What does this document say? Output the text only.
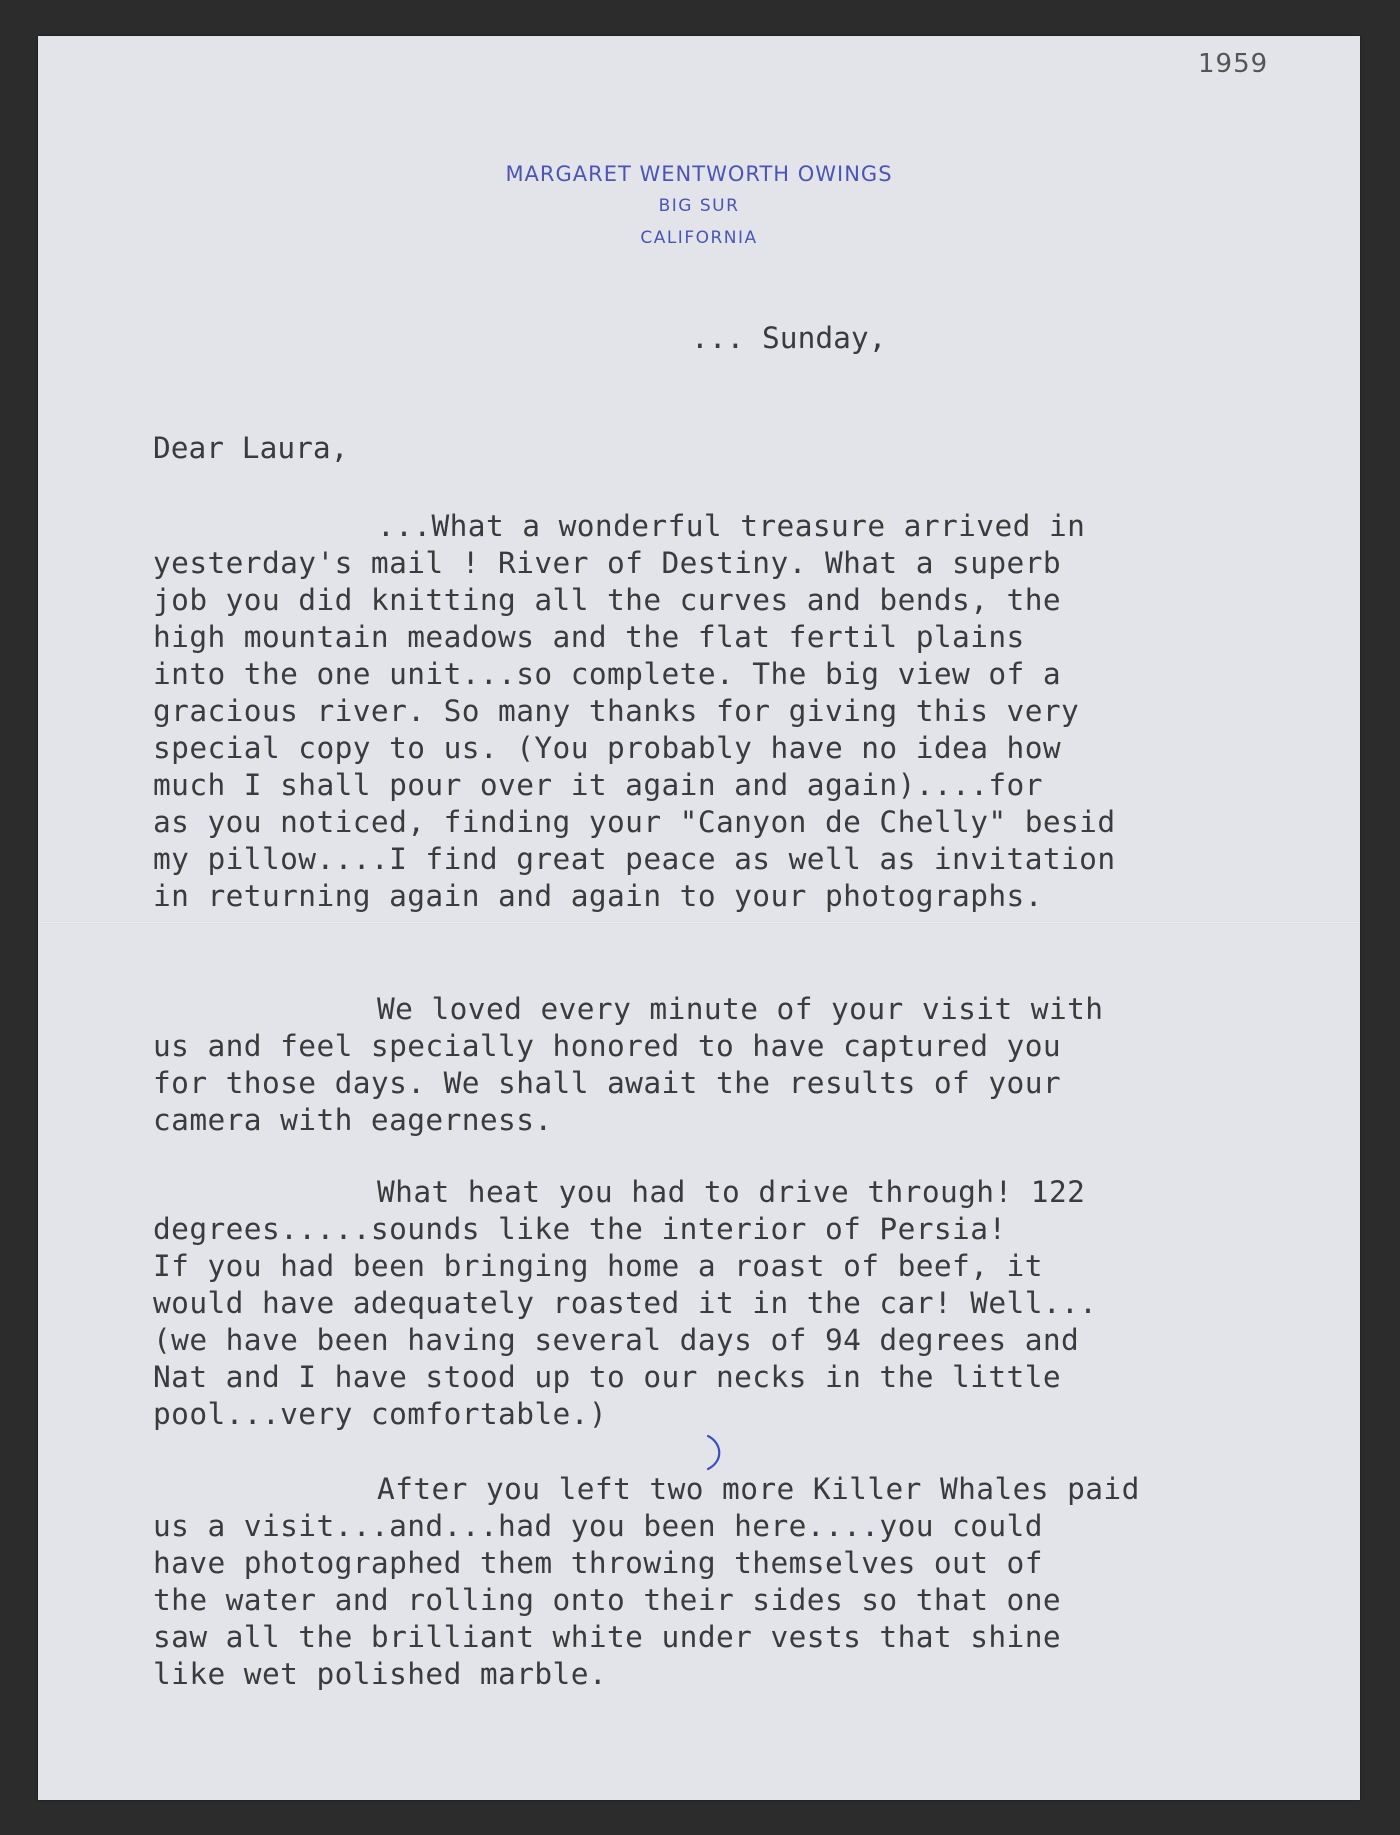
1959
MARGARET WENTWORTH OWINGS
BIG SUR
CALIFORNIA
... Sunday,
Dear Laura,
...What a wonderful treasure arrived in
yesterday's mail ! River of Destiny. What a superb
job you did knitting all the curves and bends, the
high mountain meadows and the flat fertil plains
into the one unit...so complete. The big view of a
gracious river. So many thanks for giving this very
special copy to us. (You probably have no idea how
much I shall pour over it again and again)....for
as you noticed, finding your "Canyon de Chelly" besid
my pillow....I find great peace as well as invitation
in returning again and again to your photographs.
We loved every minute of your visit with
us and feel specially honored to have captured you
for those days. We shall await the results of your
camera with eagerness.
What heat you had to drive through! 122
degrees.....sounds like the interior of Persia!
If you had been bringing home a roast of beef, it
would have adequately roasted it in the car! Well...
(we have been having several days of 94 degrees and
Nat and I have stood up to our necks in the little
pool...very comfortable.)
After you left two more Killer Whales paid
us a visit...and...had you been here....you could
have photographed them throwing themselves out of
the water and rolling onto their sides so that one
saw all the brilliant white under vests that shine
like wet polished marble.
